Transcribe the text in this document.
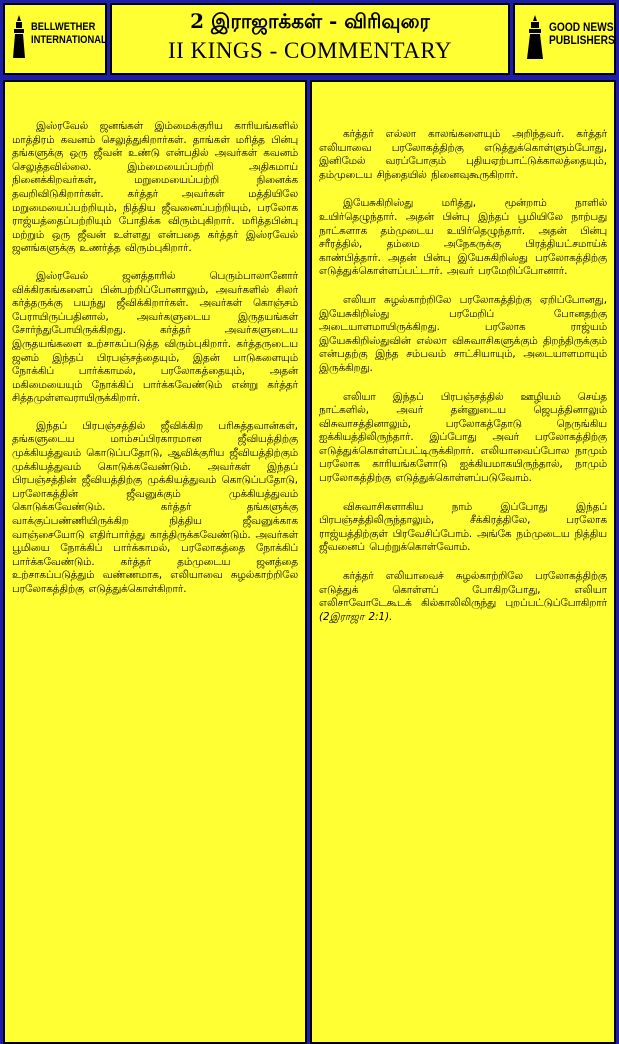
BELLWETHER
INTERNATIONAL
2 இராஜாக்கள் - விரிவுரை
II KINGS - COMMENTARY
GOOD NEWS
PUBLISHERS

இஸ்ரவேல் ஜனங்கள் இம்மைக்குரிய காரியங்களில் மாத்திரம் கவனம் செலுத்துகிறார்கள். தாங்கள் மரித்த பின்பு தங்களுக்கு ஒரு ஜீவன் உண்டு என்பதில் அவர்கள் கவனம் செலுத்தவில்லை. இம்மையைப்பற்றி அதிகமாய் நினைக்கிறவர்கள், மறுமையைப்பற்றி நினைக்க தவறிவிடுகிறார்கள். கர்த்தர் அவர்கள் மத்தியிலே மறுமையைப்பற்றியும், நித்திய ஜீவனைப்பற்றியும், பரலோக ராஜ்யத்தைப்பற்றியும் போதிக்க விரும்புகிறார். மரித்தபின்பு மற்றும் ஒரு ஜீவன் உள்ளது என்பதை கர்த்தர் இஸ்ரவேல் ஜனங்களுக்கு உணர்த்த விரும்புகிறார்.

இஸ்ரவேல் ஜனத்தாரில் பெரும்பாலானோர் விக்கிரகங்களைப் பின்பற்றிப்போனாலும், அவர்களில் சிலர் கர்த்தருக்கு பயந்து ஜீவிக்கிறார்கள். அவர்கள் கொஞ்சம் பேராயிருப்பதினால், அவர்களுடைய இருதயங்கள் சோர்ந்துபோயிருக்கிறது. கர்த்தர் அவர்களுடைய இருதயங்களை உற்சாகப்படுத்த விரும்புகிறார். கர்த்தருடைய ஜனம் இந்தப் பிரபஞ்சத்தையும், இதன் பாடுகளையும் நோக்கிப் பார்க்காமல், பரலோகத்தையும், அதன் மகிமையையும் நோக்கிப் பார்க்கவேண்டும் என்று கர்த்தர் சித்தமுள்ளவராயிருக்கிறார்.

இந்தப் பிரபஞ்சத்தில் ஜீவிக்கிற பரிசுத்தவான்கள், தங்களுடைய மாம்சப்பிரகாரமான ஜீவியத்திற்கு முக்கியத்துவம் கொடுப்பதோடு, ஆவிக்குரிய ஜீவியத்திற்கும் முக்கியத்துவம் கொடுக்கவேண்டும். அவர்கள் இந்தப் பிரபஞ்சத்தின் ஜீவியத்திற்கு முக்கியத்துவம் கொடுப்பதோடு, பரலோகத்தின் ஜீவனுக்கும் முக்கியத்துவம் கொடுக்கவேண்டும். கர்த்தர் தங்களுக்கு வாக்குப்பண்ணியிருக்கிற நித்திய ஜீவனுக்காக வாஞ்சையோடு எதிர்பார்த்து காத்திருக்கவேண்டும். அவர்கள் பூமியை நோக்கிப் பார்க்காமல், பரலோகத்தை நோக்கிப் பார்க்கவேண்டும். கர்த்தர் தம்முடைய ஜனத்தை உற்சாகப்படுத்தும் வண்ணமாக, எலியாவை சுழல்காற்றிலே பரலோகத்திற்கு எடுத்துக்கொள்கிறார்.

கர்த்தர் எல்லா காலங்களையும் அறிந்தவர். கர்த்தர் எலியாவை பரலோகத்திற்கு எடுத்துக்கொள்ளும்போது, இனிமேல் வரப்போகும் புதியஏற்பாட்டுக்காலத்தையும், தம்முடைய சிந்தையில் நினைவுகூருகிறார்.

இயேசுகிறிஸ்து மரித்து, மூன்றாம் நாளில் உயிர்தெழுந்தார். அதன் பின்பு இந்தப் பூமியிலே நாற்பது நாட்களாக தம்முடைய உயிர்தெழுந்தார். அதன் பின்பு சரீரத்தில், தம்மை அநேகருக்கு பிரத்தியட்சமாய்க் காண்பித்தார். அதன் பின்பு இயேசுகிறிஸ்து பரலோகத்திற்கு எடுத்துக்கொள்ளப்பட்டார். அவர் பரமேறிப்போனார்.

எலியா சுழல்காற்றிலே பரலோகத்திற்கு ஏறிப்போனது, இயேசுகிறிஸ்து பரமேறிப் போனதற்கு அடையாளமாயிருக்கிறது. பரலோக ராஜ்யம் இயேசுகிறிஸ்துவின் எல்லா விசுவாசிகளுக்கும் திறந்திருக்கும் என்பதற்கு இந்த சம்பவம் சாட்சியாயும், அடையாளமாயும் இருக்கிறது.

எலியா இந்தப் பிரபஞ்சத்தில் ஊழியம் செய்த நாட்களில், அவர் தன்னுடைய ஜெபத்தினாலும் விசுவாசத்தினாலும், பரலோகத்தோடு நெருங்கிய ஐக்கியத்திலிருந்தார். இப்போது அவர் பரலோகத்திற்கு எடுத்துக்கொள்ளப்பட்டிருக்கிறார். எலியாவைப்போல நாமும் பரலோக காரியங்களோடு ஐக்கியமாகயிருந்தால், நாமும் பரலோகத்திற்கு எடுத்துக்கொள்ளப்படுவோம்.

விசுவாசிகளாகிய நாம் இப்போது இந்தப் பிரபஞ்சத்திலிருந்தாலும், சீக்கிரத்திலே, பரலோக ராஜ்யத்திற்குள் பிரவேசிப்போம். அங்கே நம்முடைய நித்திய ஜீவனைப் பெற்றுக்கொள்வோம்.

கர்த்தர் எலியாவைச் சுழல்காற்றிலே பரலோகத்திற்கு எடுத்துக் கொள்ளப் போகிறபோது, எலியா எலிசாவோடேகூடக் கில்காலிலிருந்து புறப்பட்டுப்போகிறார் (2இராஜா 2:1).
